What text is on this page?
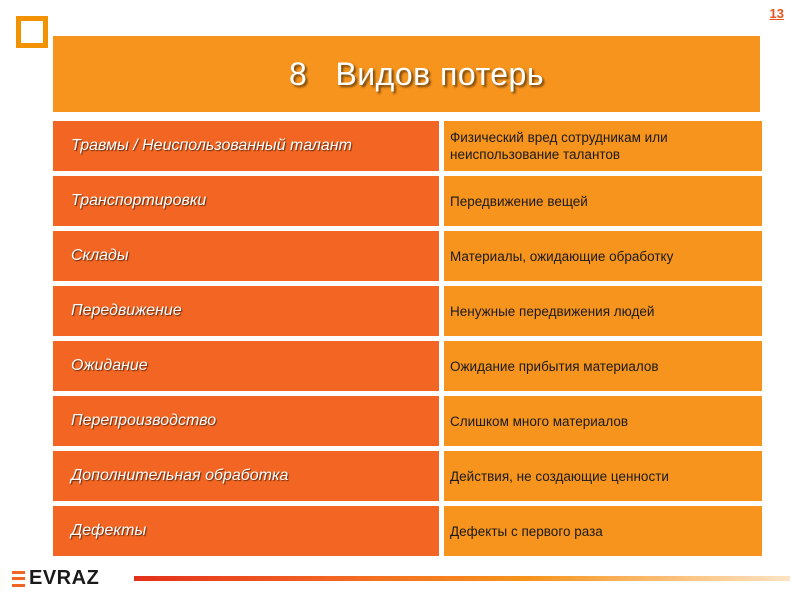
13
8   Видов потерь
Травмы / Неиспользованный талант	Физический вред сотрудникам или неиспользование талантов
Транспортировки	Передвижение вещей
Склады	Материалы, ожидающие обработку
Передвижение	Ненужные передвижения людей
Ожидание	Ожидание прибытия материалов
Перепроизводство	Слишком много материалов
Дополнительная обработка	Действия, не создающие ценности
Дефекты	Дефекты с первого раза
EVRAZ
